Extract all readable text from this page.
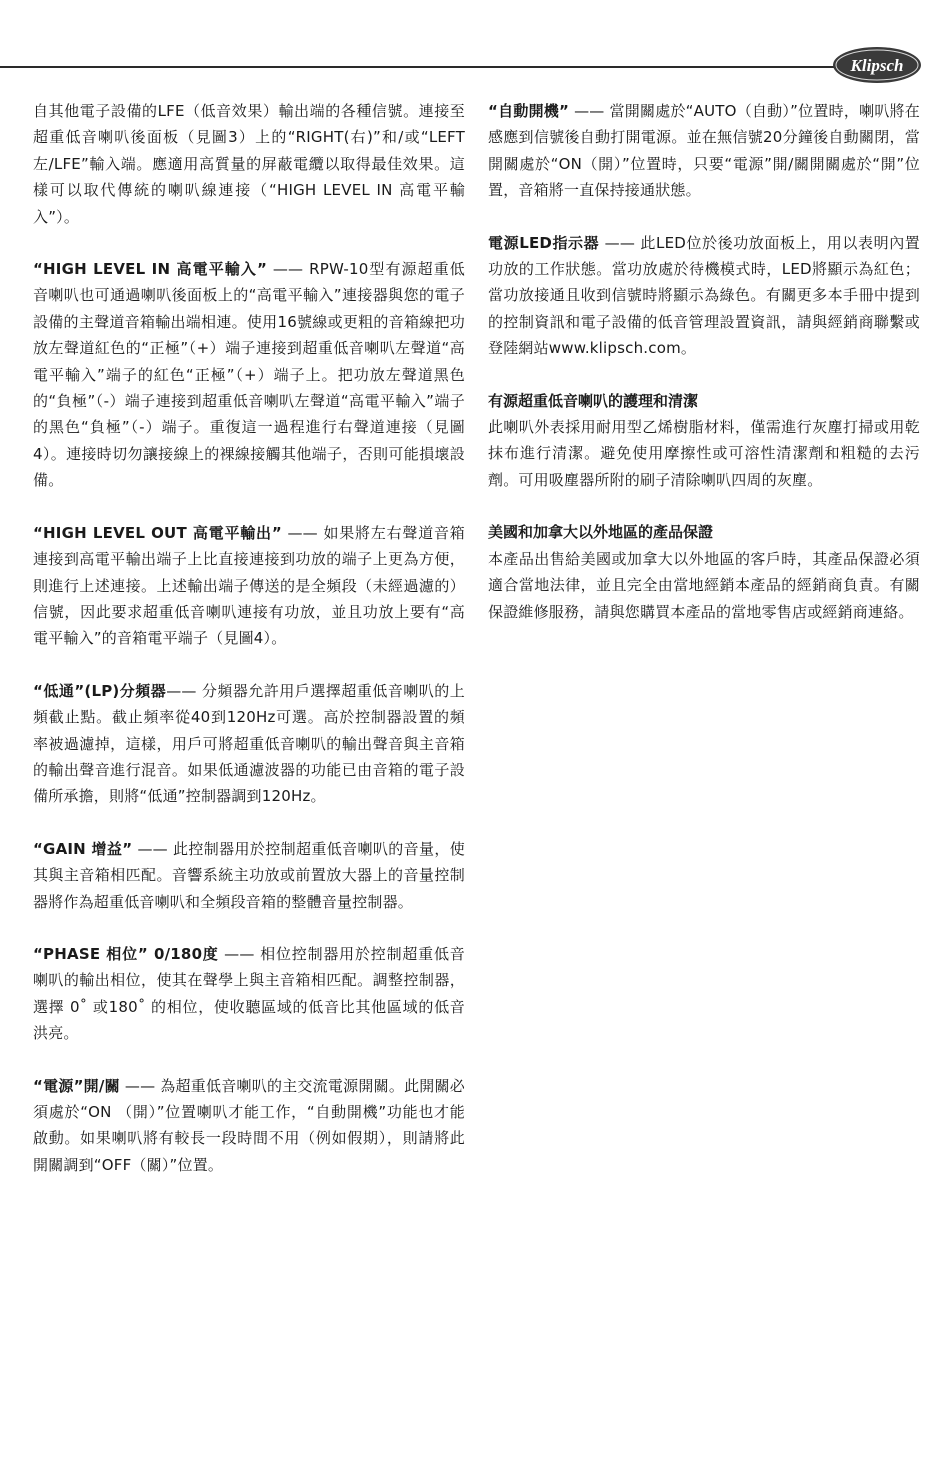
Klipsch

自其他電子設備的LFE（低音效果）輸出端的各種信號。連接至超重低音喇叭後面板（見圖3）上的“RIGHT(右)”和/或“LEFT左/LFE”輸入端。應適用高質量的屏蔽電纜以取得最佳效果。這樣可以取代傳統的喇叭線連接（“HIGH LEVEL IN 高電平輸入”）。

“HIGH LEVEL IN 高電平輸入” —— RPW-10型有源超重低音喇叭也可通過喇叭後面板上的“高電平輸入”連接器與您的電子設備的主聲道音箱輸出端相連。使用16號線或更粗的音箱線把功放左聲道紅色的“正極”（+）端子連接到超重低音喇叭左聲道“高電平輸入”端子的紅色“正極”（+）端子上。把功放左聲道黑色的“負極”（-）端子連接到超重低音喇叭左聲道“高電平輸入”端子的黑色“負極”（-）端子。重復這一過程進行右聲道連接（見圖4）。連接時切勿讓接線上的裸線接觸其他端子，否則可能損壞設備。

“HIGH LEVEL OUT 高電平輸出” —— 如果將左右聲道音箱連接到高電平輸出端子上比直接連接到功放的端子上更為方便，則進行上述連接。上述輸出端子傳送的是全頻段（未經過濾的）信號，因此要求超重低音喇叭連接有功放，並且功放上要有“高電平輸入”的音箱電平端子（見圖4）。

“低通”(LP)分頻器—— 分頻器允許用戶選擇超重低音喇叭的上頻截止點。截止頻率從40到120Hz可選。高於控制器設置的頻率被過濾掉，這樣，用戶可將超重低音喇叭的輸出聲音與主音箱的輸出聲音進行混音。如果低通濾波器的功能已由音箱的電子設備所承擔，則將“低通”控制器調到120Hz。

“GAIN 增益” —— 此控制器用於控制超重低音喇叭的音量，使其與主音箱相匹配。音響系統主功放或前置放大器上的音量控制器將作為超重低音喇叭和全頻段音箱的整體音量控制器。

“PHASE 相位” 0/180度 —— 相位控制器用於控制超重低音喇叭的輸出相位，使其在聲學上與主音箱相匹配。調整控制器，選擇 0˚ 或180˚ 的相位，使收聽區域的低音比其他區域的低音洪亮。

“電源”開/關 —— 為超重低音喇叭的主交流電源開關。此開關必須處於“ON （開）”位置喇叭才能工作，“自動開機”功能也才能啟動。如果喇叭將有較長一段時間不用（例如假期），則請將此開關調到“OFF（關）”位置。

“自動開機” —— 當開關處於“AUTO（自動）”位置時，喇叭將在感應到信號後自動打開電源。並在無信號20分鐘後自動關閉，當開關處於“ON（開）”位置時，只要“電源”開/關開關處於“開”位置，音箱將一直保持接通狀態。

電源LED指示器 —— 此LED位於後功放面板上，用以表明內置功放的工作狀態。當功放處於待機模式時，LED將顯示為紅色；當功放接通且收到信號時將顯示為綠色。有關更多本手冊中提到的控制資訊和電子設備的低音管理設置資訊，請與經銷商聯繫或登陸網站www.klipsch.com。

有源超重低音喇叭的護理和清潔

此喇叭外表採用耐用型乙烯樹脂材料，僅需進行灰塵打掃或用乾抹布進行清潔。避免使用摩擦性或可溶性清潔劑和粗糙的去污劑。可用吸塵器所附的刷子清除喇叭四周的灰塵。

美國和加拿大以外地區的產品保證

本產品出售給美國或加拿大以外地區的客戶時，其產品保證必須適合當地法律，並且完全由當地經銷本產品的經銷商負責。有關保證維修服務，請與您購買本產品的當地零售店或經銷商連絡。
